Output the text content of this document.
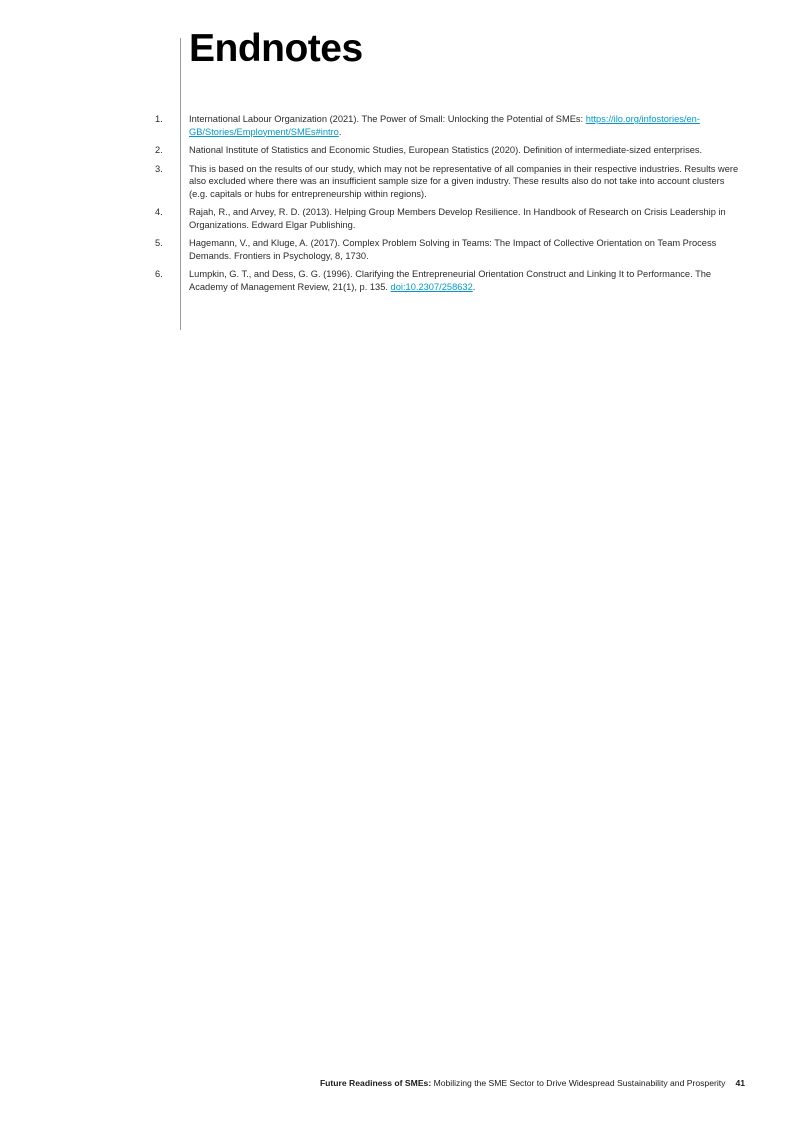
Endnotes
1.	International Labour Organization (2021). The Power of Small: Unlocking the Potential of SMEs: https://ilo.org/infostories/en-GB/Stories/Employment/SMEs#intro.
2.	National Institute of Statistics and Economic Studies, European Statistics (2020). Definition of intermediate-sized enterprises.
3.	This is based on the results of our study, which may not be representative of all companies in their respective industries. Results were also excluded where there was an insufficient sample size for a given industry. These results also do not take into account clusters (e.g. capitals or hubs for entrepreneurship within regions).
4.	Rajah, R., and Arvey, R. D. (2013). Helping Group Members Develop Resilience. In Handbook of Research on Crisis Leadership in Organizations. Edward Elgar Publishing.
5.	Hagemann, V., and Kluge, A. (2017). Complex Problem Solving in Teams: The Impact of Collective Orientation on Team Process Demands. Frontiers in Psychology, 8, 1730.
6.	Lumpkin, G. T., and Dess, G. G. (1996). Clarifying the Entrepreneurial Orientation Construct and Linking It to Performance. The Academy of Management Review, 21(1), p. 135. doi:10.2307/258632.
Future Readiness of SMEs: Mobilizing the SME Sector to Drive Widespread Sustainability and Prosperity 41
